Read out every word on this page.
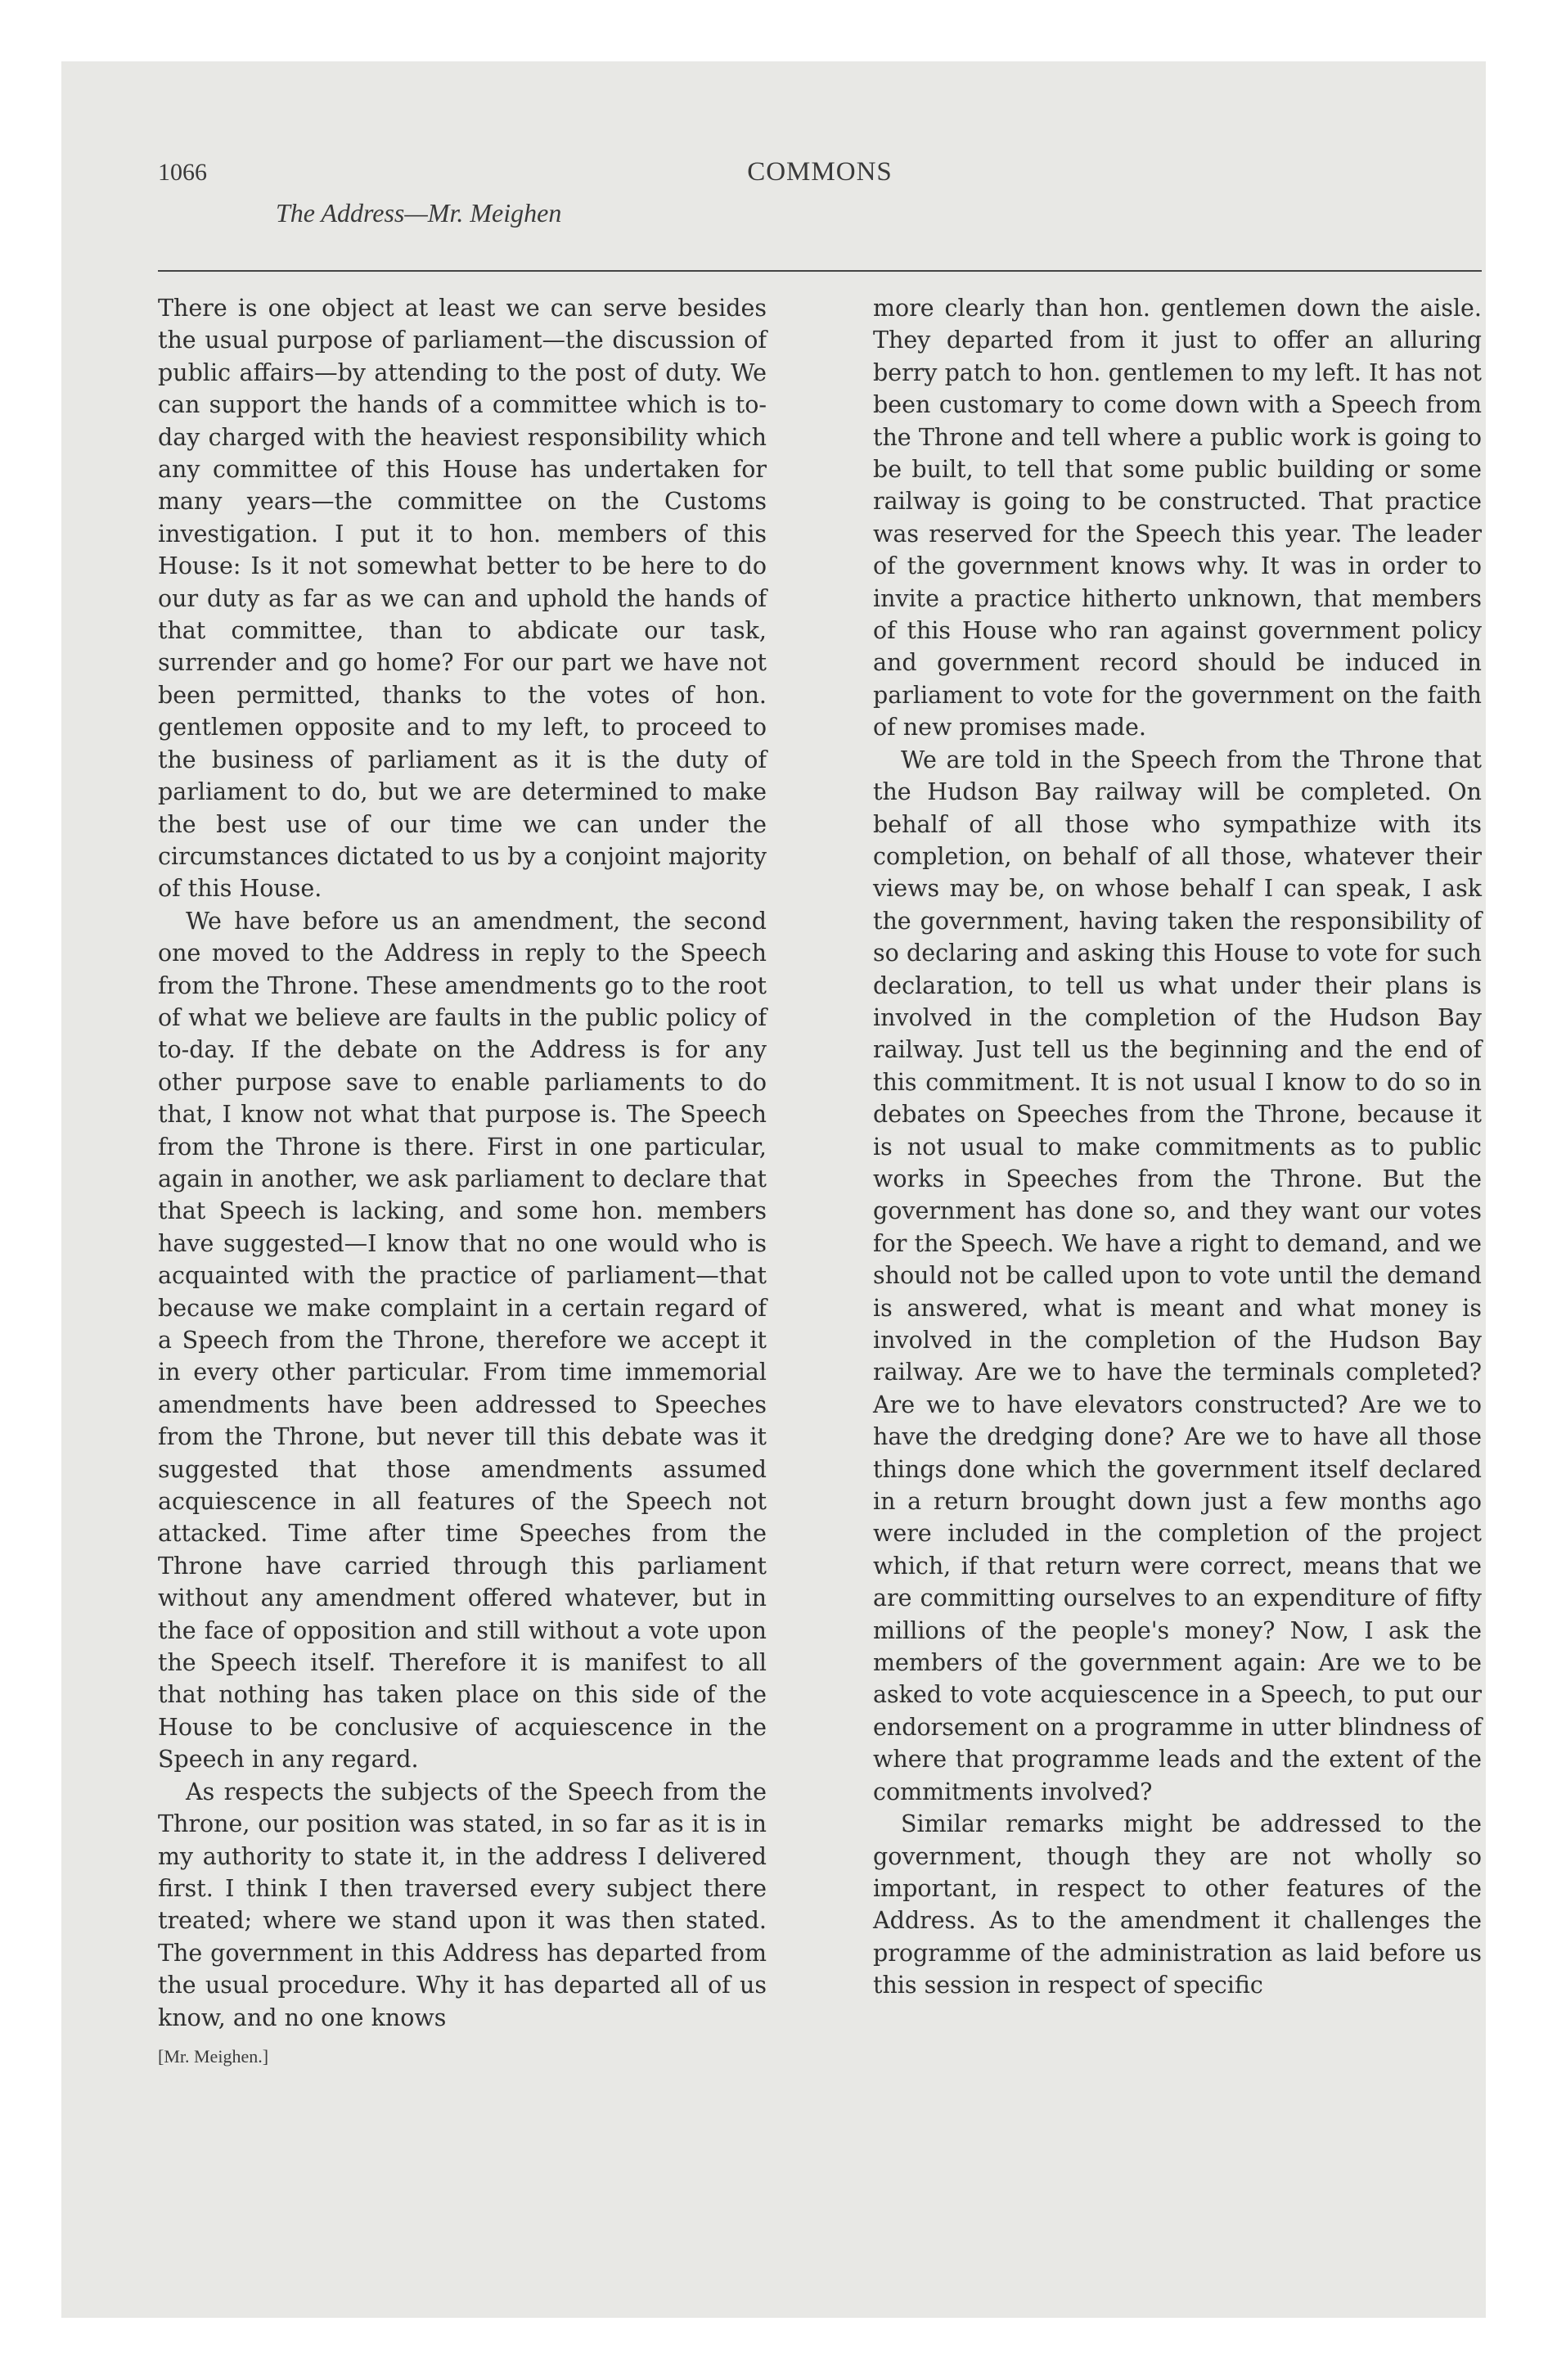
1066	COMMONS
The Address—Mr. Meighen

There is one object at least we can serve besides the usual purpose of parliament—the discussion of public affairs—by attending to the post of duty. We can support the hands of a committee which is to-day charged with the heaviest responsibility which any committee of this House has undertaken for many years—the committee on the Customs investigation. I put it to hon. members of this House: Is it not somewhat better to be here to do our duty as far as we can and uphold the hands of that committee, than to abdicate our task, surrender and go home? For our part we have not been permitted, thanks to the votes of hon. gentlemen opposite and to my left, to proceed to the business of parliament as it is the duty of parliament to do, but we are determined to make the best use of our time we can under the circumstances dictated to us by a conjoint majority of this House.

We have before us an amendment, the second one moved to the Address in reply to the Speech from the Throne. These amendments go to the root of what we believe are faults in the public policy of to-day. If the debate on the Address is for any other purpose save to enable parliaments to do that, I know not what that purpose is. The Speech from the Throne is there. First in one particular, again in another, we ask parliament to declare that that Speech is lacking, and some hon. members have suggested—I know that no one would who is acquainted with the practice of parliament—that because we make complaint in a certain regard of a Speech from the Throne, therefore we accept it in every other particular. From time immemorial amendments have been addressed to Speeches from the Throne, but never till this debate was it suggested that those amendments assumed acquiescence in all features of the Speech not attacked. Time after time Speeches from the Throne have carried through this parliament without any amendment offered whatever, but in the face of opposition and still without a vote upon the Speech itself. Therefore it is manifest to all that nothing has taken place on this side of the House to be conclusive of acquiescence in the Speech in any regard.

As respects the subjects of the Speech from the Throne, our position was stated, in so far as it is in my authority to state it, in the address I delivered first. I think I then traversed every subject there treated; where we stand upon it was then stated. The government in this Address has departed from the usual procedure. Why it has departed all of us know, and no one knows

[Mr. Meighen.]

more clearly than hon. gentlemen down the aisle. They departed from it just to offer an alluring berry patch to hon. gentlemen to my left. It has not been customary to come down with a Speech from the Throne and tell where a public work is going to be built, to tell that some public building or some railway is going to be constructed. That practice was reserved for the Speech this year. The leader of the government knows why. It was in order to invite a practice hitherto unknown, that members of this House who ran against government policy and government record should be induced in parliament to vote for the government on the faith of new promises made.

We are told in the Speech from the Throne that the Hudson Bay railway will be completed. On behalf of all those who sympathize with its completion, on behalf of all those, whatever their views may be, on whose behalf I can speak, I ask the government, having taken the responsibility of so declaring and asking this House to vote for such declaration, to tell us what under their plans is involved in the completion of the Hudson Bay railway. Just tell us the beginning and the end of this commitment. It is not usual I know to do so in debates on Speeches from the Throne, because it is not usual to make commitments as to public works in Speeches from the Throne. But the government has done so, and they want our votes for the Speech. We have a right to demand, and we should not be called upon to vote until the demand is answered, what is meant and what money is involved in the completion of the Hudson Bay railway. Are we to have the terminals completed? Are we to have elevators constructed? Are we to have the dredging done? Are we to have all those things done which the government itself declared in a return brought down just a few months ago were included in the completion of the project which, if that return were correct, means that we are committing ourselves to an expenditure of fifty millions of the people's money? Now, I ask the members of the government again: Are we to be asked to vote acquiescence in a Speech, to put our endorsement on a programme in utter blindness of where that programme leads and the extent of the commitments involved?

Similar remarks might be addressed to the government, though they are not wholly so important, in respect to other features of the Address. As to the amendment it challenges the programme of the administration as laid before us this session in respect of specific
